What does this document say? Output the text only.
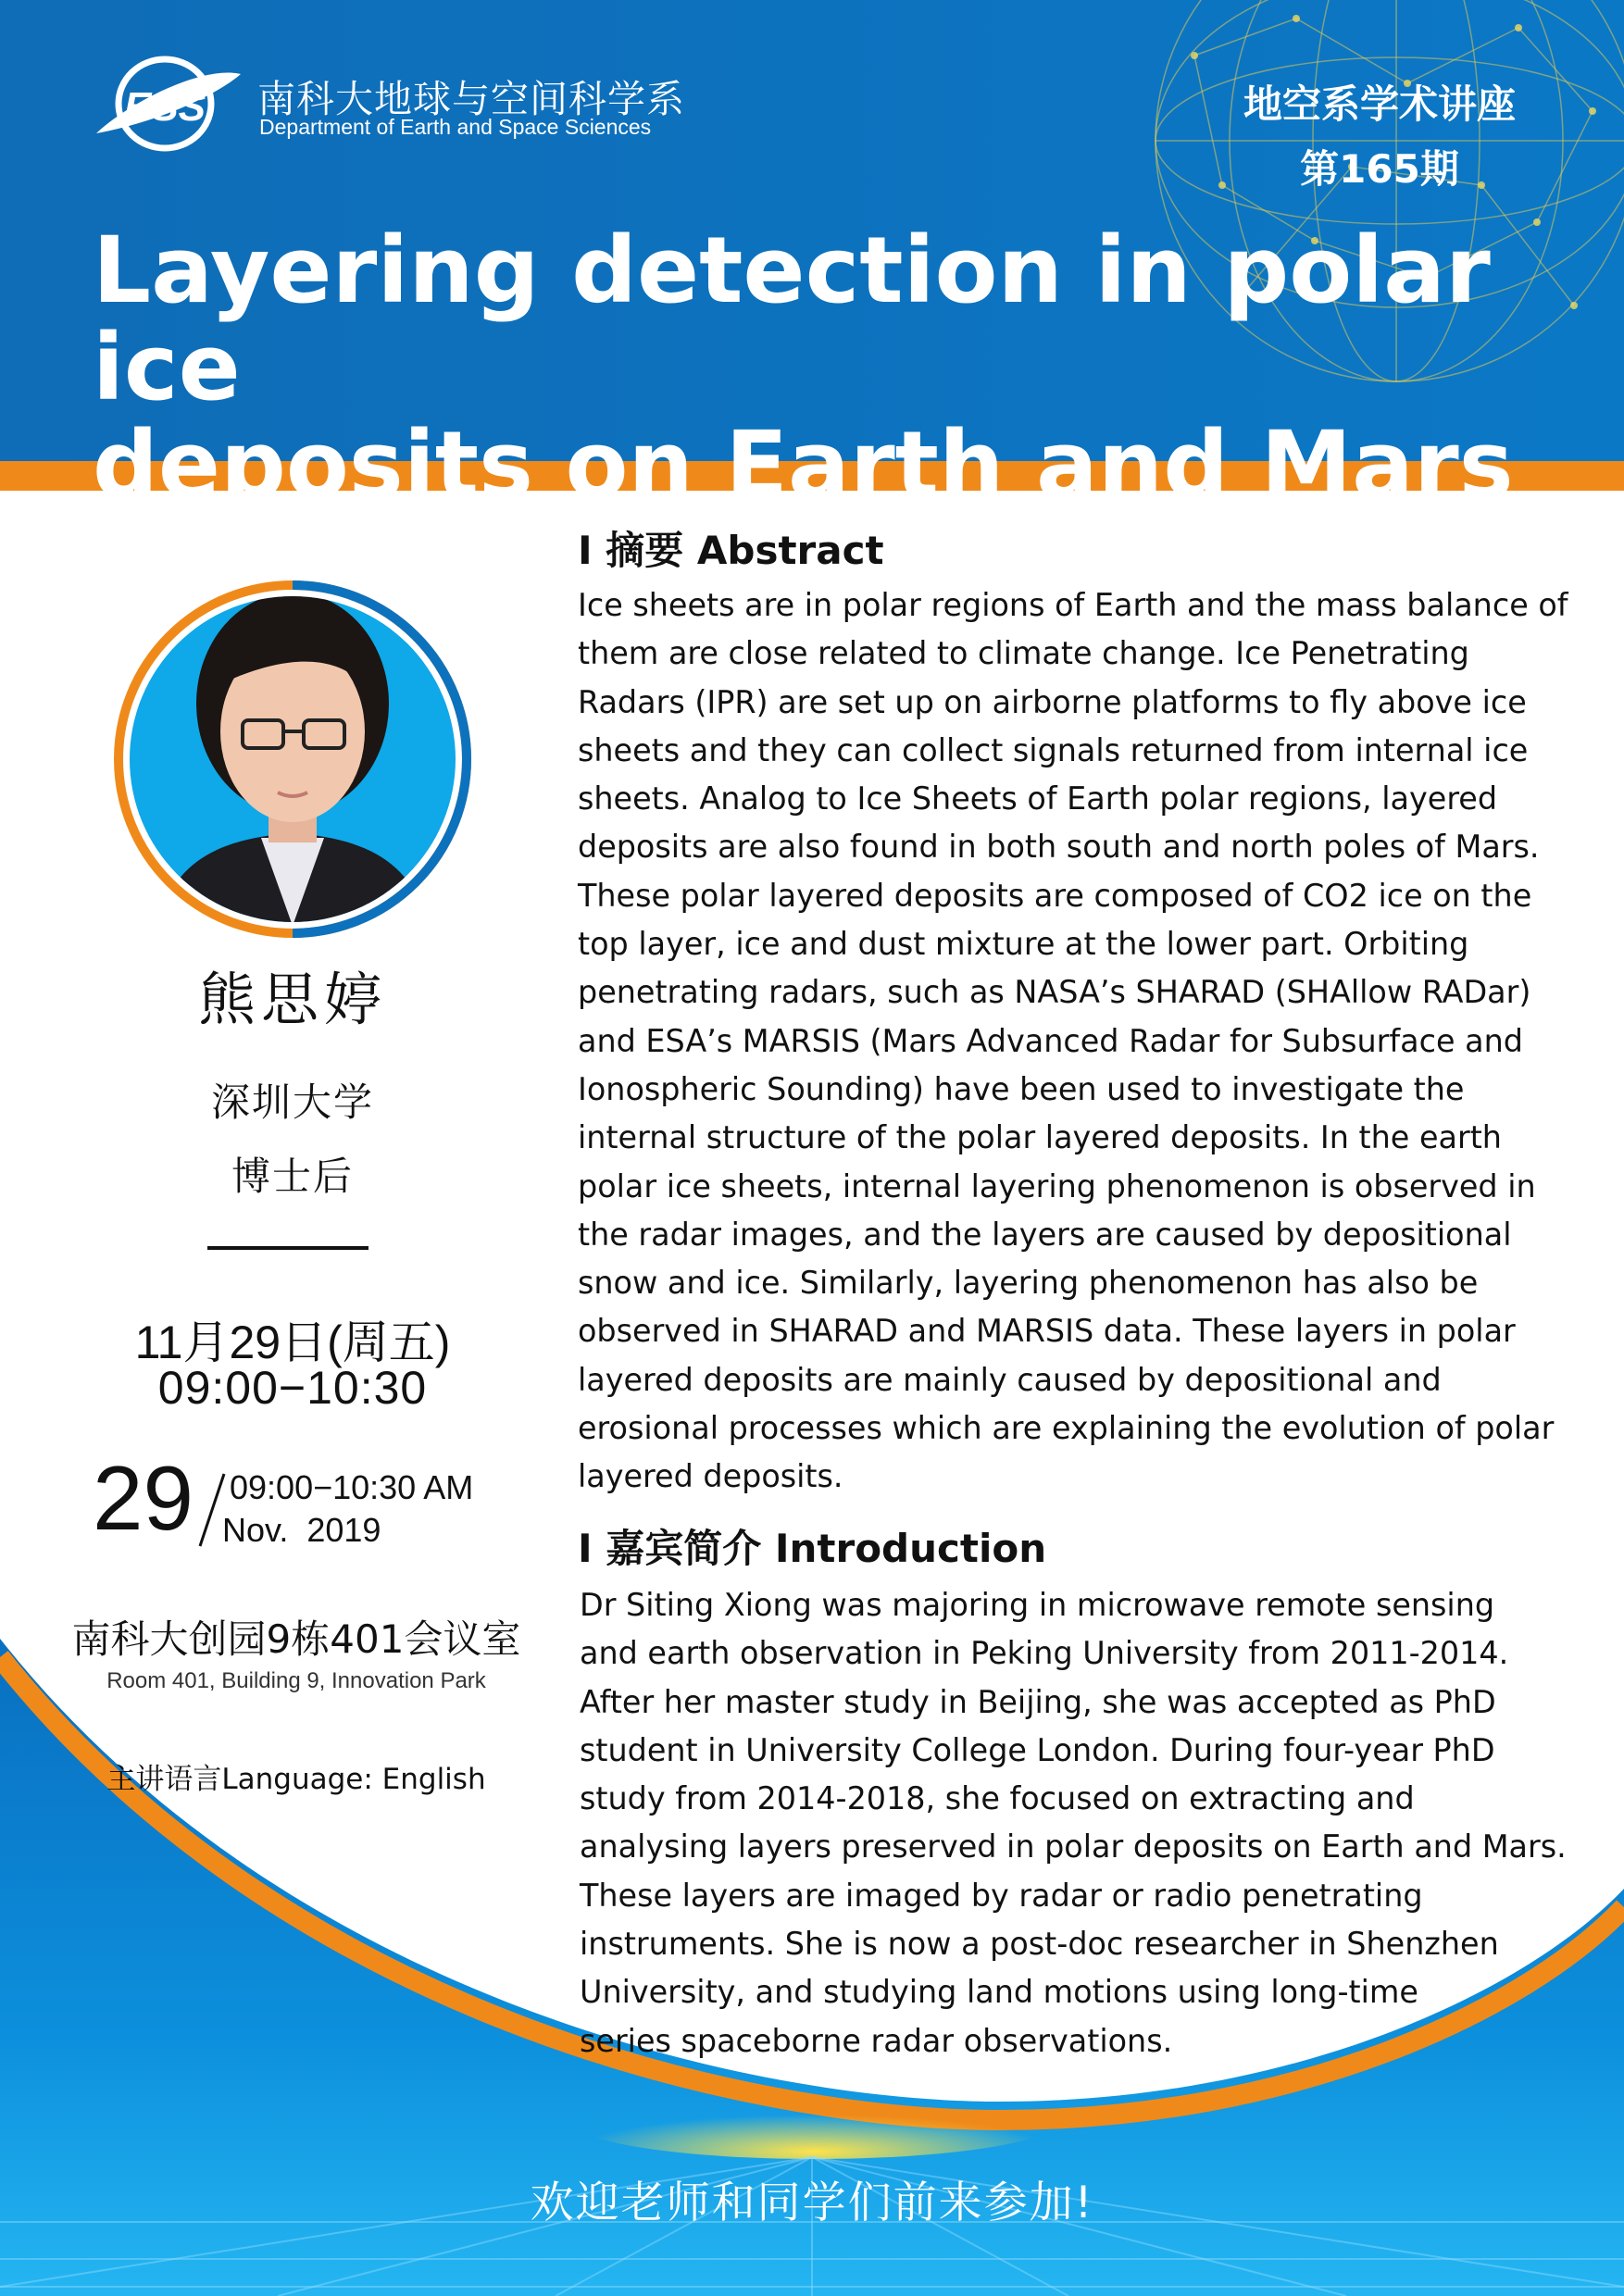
ESS 南科大地球与空间科学系
Department of Earth and Space Sciences	地空系学术讲座
第165期
Layering detection in polar ice
deposits on Earth and Mars
熊思婷
深圳大学
博士后
11月29日(周五)
09:00−10:30
29 09:00−10:30 AM
Nov.  2019
南科大创园9栋401会议室
Room 401, Building 9, Innovation Park
主讲语言Language: English
I 摘要 Abstract
Ice sheets are in polar regions of Earth and the mass balance of
them are close related to climate change. Ice Penetrating
Radars (IPR) are set up on airborne platforms to fly above ice
sheets and they can collect signals returned from internal ice
sheets. Analog to Ice Sheets of Earth polar regions, layered
deposits are also found in both south and north poles of Mars.
These polar layered deposits are composed of CO2 ice on the
top layer, ice and dust mixture at the lower part. Orbiting
penetrating radars, such as NASA’s SHARAD (SHAllow RADar)
and ESA’s MARSIS (Mars Advanced Radar for Subsurface and
Ionospheric Sounding) have been used to investigate the
internal structure of the polar layered deposits. In the earth
polar ice sheets, internal layering phenomenon is observed in
the radar images, and the layers are caused by depositional
snow and ice. Similarly, layering phenomenon has also be
observed in SHARAD and MARSIS data. These layers in polar
layered deposits are mainly caused by depositional and
erosional processes which are explaining the evolution of polar
layered deposits.
I 嘉宾简介 Introduction
Dr Siting Xiong was majoring in microwave remote sensing
and earth observation in Peking University from 2011-2014.
After her master study in Beijing, she was accepted as PhD
student in University College London. During four-year PhD
study from 2014-2018, she focused on extracting and
analysing layers preserved in polar deposits on Earth and Mars.
These layers are imaged by radar or radio penetrating
instruments. She is now a post-doc researcher in Shenzhen
University, and studying land motions using long-time
series spaceborne radar observations.
欢迎老师和同学们前来参加!
